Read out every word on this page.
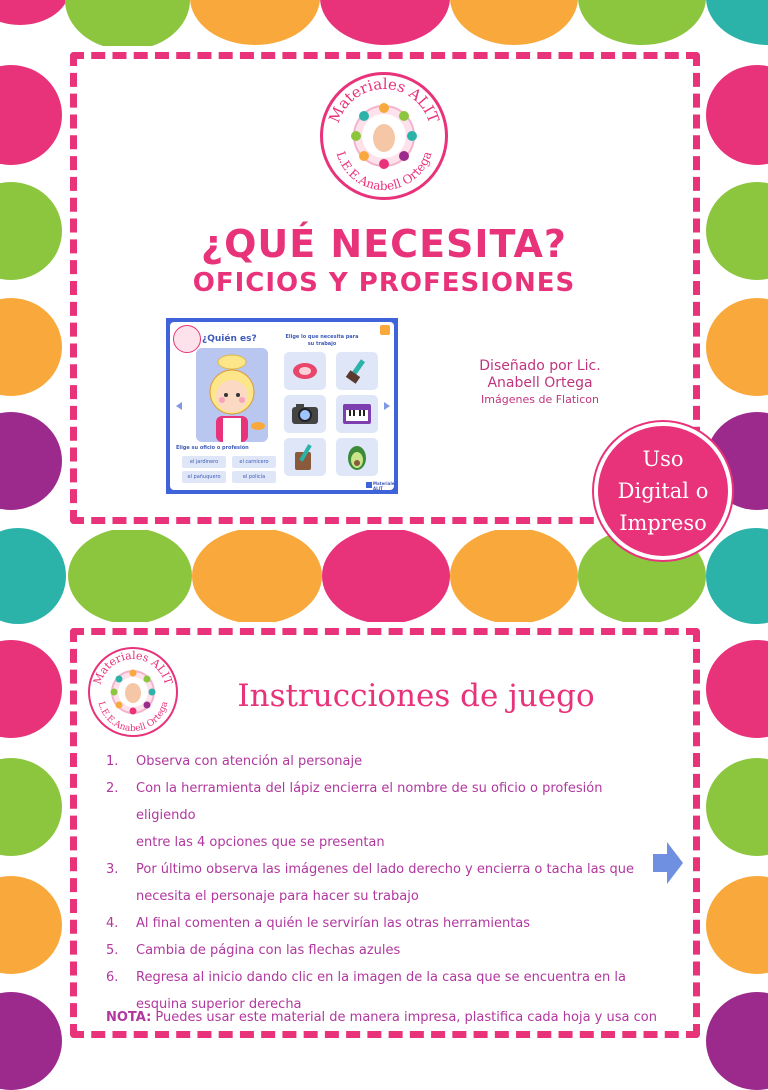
Materiales ALIT
L.E.E.Anabell Ortega
¿QUÉ NECESITA?
OFICIOS Y PROFESIONES
¿Quién es?	Elige lo que necesita para su trabajo
Elige su oficio o profesión
el jardinero	el carnicero
el pañuquero	el policía
Materiales ALIT
Diseñado por Lic.
Anabell Ortega
Imágenes de Flaticon
Uso
Digital o
Impreso
Materiales ALIT
L.E.E.Anabell Ortega	Instrucciones de juego
1.	Observa con atención al personaje
2.	Con la herramienta del lápiz encierra el nombre de su oficio o profesión eligiendo
entre las 4 opciones que se presentan
3.	Por último observa las imágenes del lado derecho y encierra o tacha las que
necesita el personaje para hacer su trabajo
4.	Al final comenten a quién le servirían las otras herramientas
5.	Cambia de página con las flechas azules
6.	Regresa al inicio dando clic en la imagen de la casa que se encuentra en la
esquina superior derecha
NOTA: Puedes usar este material de manera impresa, plastifica cada hoja y usa con
